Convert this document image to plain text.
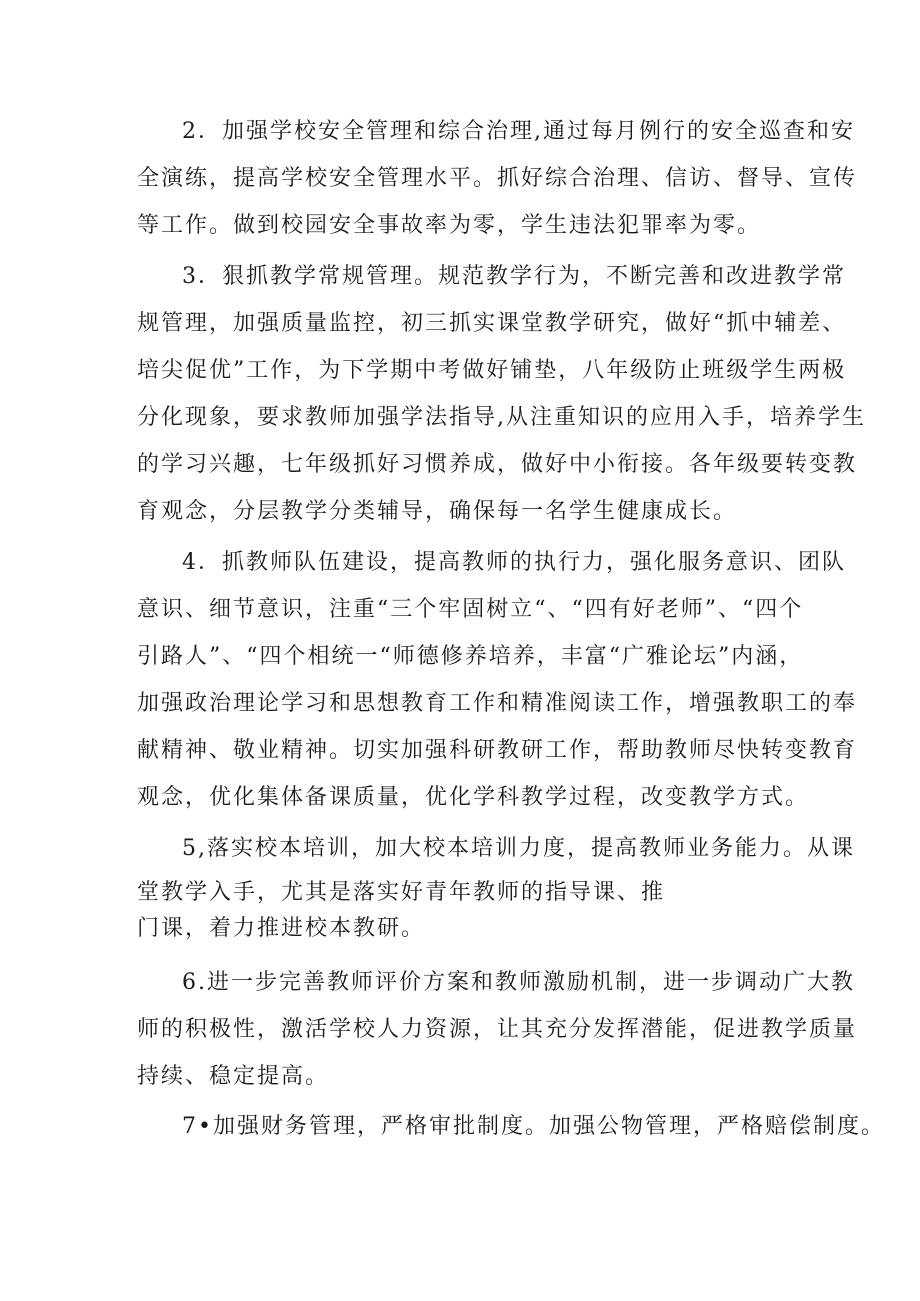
2．加强学校安全管理和综合治理,通过每月例行的安全巡查和安
全演练，提高学校安全管理水平。抓好综合治理、信访、督导、宣传
等工作。做到校园安全事故率为零，学生违法犯罪率为零。
3．狠抓教学常规管理。规范教学行为，不断完善和改进教学常
规管理，加强质量监控，初三抓实课堂教学研究，做好“抓中辅差、
培尖促优”工作，为下学期中考做好铺垫，八年级防止班级学生两极
分化现象，要求教师加强学法指导,从注重知识的应用入手，培养学生
的学习兴趣，七年级抓好习惯养成，做好中小衔接。各年级要转变教
育观念，分层教学分类辅导，确保每一名学生健康成长。
4．抓教师队伍建设，提高教师的执行力，强化服务意识、团队
意识、细节意识，注重“三个牢固树立“、“四有好老师”、“四个
引路人”、“四个相统一“师德修养培养，丰富“广雅论坛”内涵，
加强政治理论学习和思想教育工作和精准阅读工作，增强教职工的奉
献精神、敬业精神。切实加强科研教研工作，帮助教师尽快转变教育
观念，优化集体备课质量，优化学科教学过程，改变教学方式。
5,落实校本培训，加大校本培训力度，提高教师业务能力。从课
堂教学入手，尤其是落实好青年教师的指导课、推
门课，着力推进校本教研。
6.进一步完善教师评价方案和教师激励机制，进一步调动广大教
师的积极性，激活学校人力资源，让其充分发挥潜能，促进教学质量
持续、稳定提高。
7•加强财务管理，严格审批制度。加强公物管理，严格赔偿制度。
